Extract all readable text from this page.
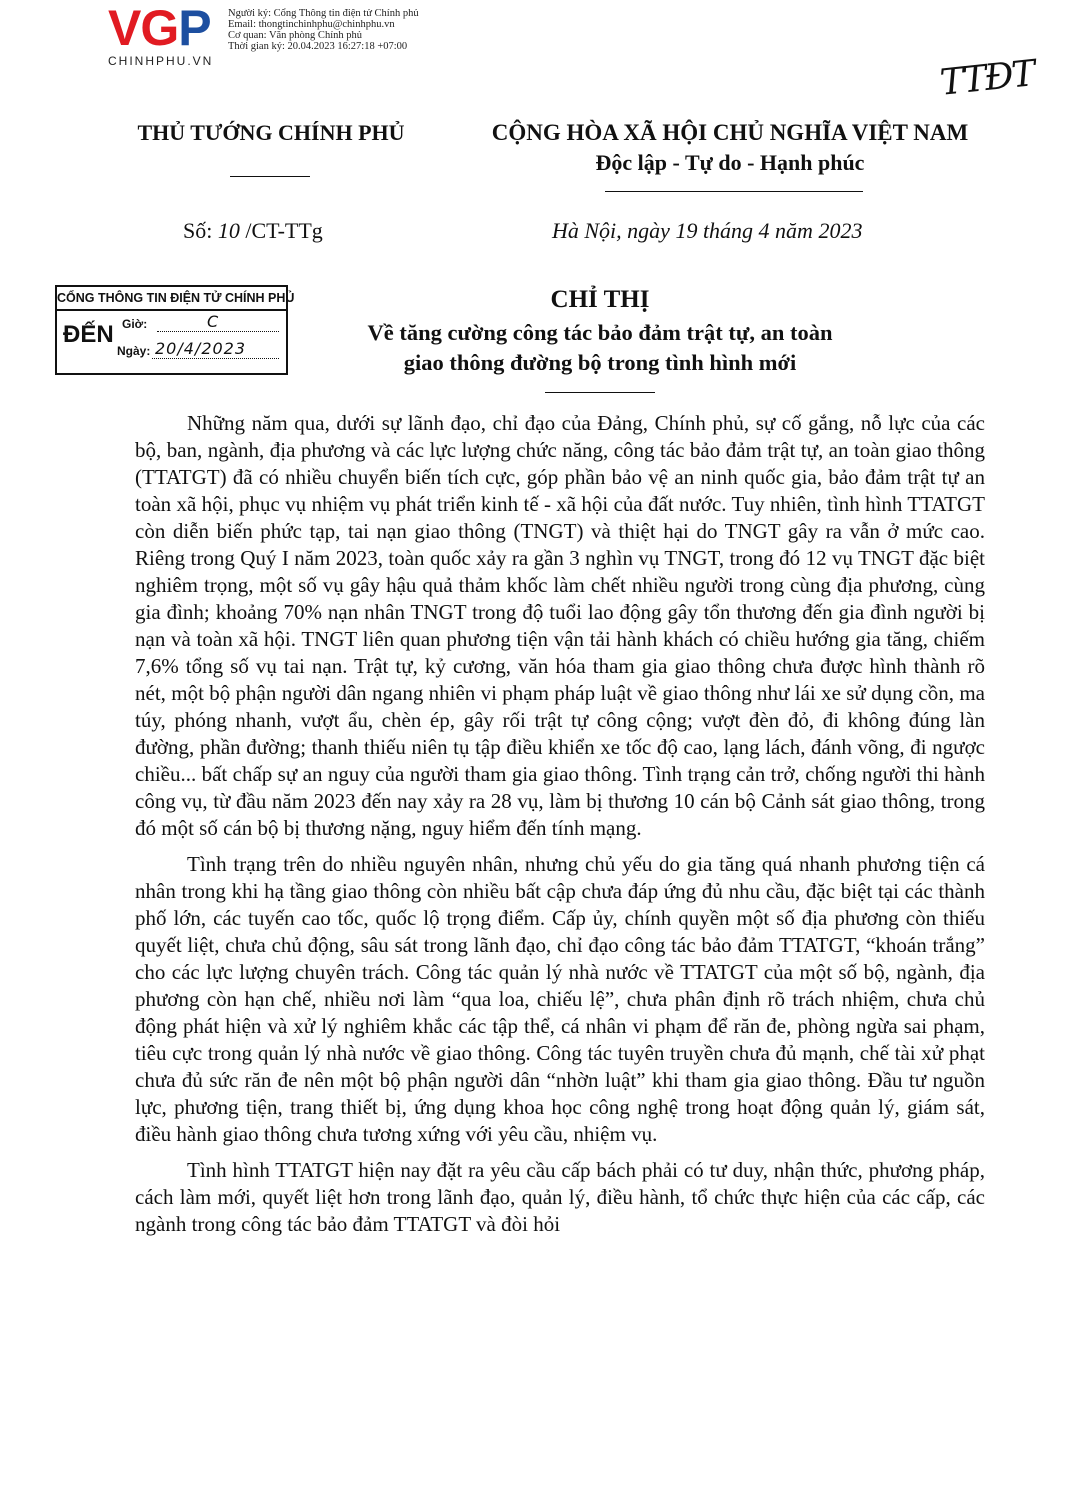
VGP
CHINHPHU.VN
Người ký: Cổng Thông tin điện tử Chính phủ
Email: thongtinchinhphu@chinhphu.vn
Cơ quan: Văn phòng Chính phủ
Thời gian ký: 20.04.2023 16:27:18 +07:00
TTĐT
THỦ TƯỚNG CHÍNH PHỦ	CỘNG HÒA XÃ HỘI CHỦ NGHĨA VIỆT NAM
Độc lập - Tự do - Hạnh phúc
Số: 10 /CT-TTg	Hà Nội, ngày 19 tháng 4 năm 2023
CỔNG THÔNG TIN ĐIỆN TỬ CHÍNH PHỦ
ĐẾN Giờ:	C
Ngày: 20/4/2023
CHỈ THỊ
Về tăng cường công tác bảo đảm trật tự, an toàn
giao thông đường bộ trong tình hình mới

Những năm qua, dưới sự lãnh đạo, chỉ đạo của Đảng, Chính phủ, sự cố gắng, nỗ lực của các bộ, ban, ngành, địa phương và các lực lượng chức năng, công tác bảo đảm trật tự, an toàn giao thông (TTATGT) đã có nhiều chuyển biến tích cực, góp phần bảo vệ an ninh quốc gia, bảo đảm trật tự an toàn xã hội, phục vụ nhiệm vụ phát triển kinh tế - xã hội của đất nước. Tuy nhiên, tình hình TTATGT còn diễn biến phức tạp, tai nạn giao thông (TNGT) và thiệt hại do TNGT gây ra vẫn ở mức cao. Riêng trong Quý I năm 2023, toàn quốc xảy ra gần 3 nghìn vụ TNGT, trong đó 12 vụ TNGT đặc biệt nghiêm trọng, một số vụ gây hậu quả thảm khốc làm chết nhiều người trong cùng địa phương, cùng gia đình; khoảng 70% nạn nhân TNGT trong độ tuổi lao động gây tổn thương đến gia đình người bị nạn và toàn xã hội. TNGT liên quan phương tiện vận tải hành khách có chiều hướng gia tăng, chiếm 7,6% tổng số vụ tai nạn. Trật tự, kỷ cương, văn hóa tham gia giao thông chưa được hình thành rõ nét, một bộ phận người dân ngang nhiên vi phạm pháp luật về giao thông như lái xe sử dụng cồn, ma túy, phóng nhanh, vượt ẩu, chèn ép, gây rối trật tự công cộng; vượt đèn đỏ, đi không đúng làn đường, phần đường; thanh thiếu niên tụ tập điều khiển xe tốc độ cao, lạng lách, đánh võng, đi ngược chiều... bất chấp sự an nguy của người tham gia giao thông. Tình trạng cản trở, chống người thi hành công vụ, từ đầu năm 2023 đến nay xảy ra 28 vụ, làm bị thương 10 cán bộ Cảnh sát giao thông, trong đó một số cán bộ bị thương nặng, nguy hiểm đến tính mạng.

Tình trạng trên do nhiều nguyên nhân, nhưng chủ yếu do gia tăng quá nhanh phương tiện cá nhân trong khi hạ tầng giao thông còn nhiều bất cập chưa đáp ứng đủ nhu cầu, đặc biệt tại các thành phố lớn, các tuyến cao tốc, quốc lộ trọng điểm. Cấp ủy, chính quyền một số địa phương còn thiếu quyết liệt, chưa chủ động, sâu sát trong lãnh đạo, chỉ đạo công tác bảo đảm TTATGT, “khoán trắng” cho các lực lượng chuyên trách. Công tác quản lý nhà nước về TTATGT của một số bộ, ngành, địa phương còn hạn chế, nhiều nơi làm “qua loa, chiếu lệ”, chưa phân định rõ trách nhiệm, chưa chủ động phát hiện và xử lý nghiêm khắc các tập thể, cá nhân vi phạm để răn đe, phòng ngừa sai phạm, tiêu cực trong quản lý nhà nước về giao thông. Công tác tuyên truyền chưa đủ mạnh, chế tài xử phạt chưa đủ sức răn đe nên một bộ phận người dân “nhờn luật” khi tham gia giao thông. Đầu tư nguồn lực, phương tiện, trang thiết bị, ứng dụng khoa học công nghệ trong hoạt động quản lý, giám sát, điều hành giao thông chưa tương xứng với yêu cầu, nhiệm vụ.

Tình hình TTATGT hiện nay đặt ra yêu cầu cấp bách phải có tư duy, nhận thức, phương pháp, cách làm mới, quyết liệt hơn trong lãnh đạo, quản lý, điều hành, tổ chức thực hiện của các cấp, các ngành trong công tác bảo đảm TTATGT và đòi hỏi
